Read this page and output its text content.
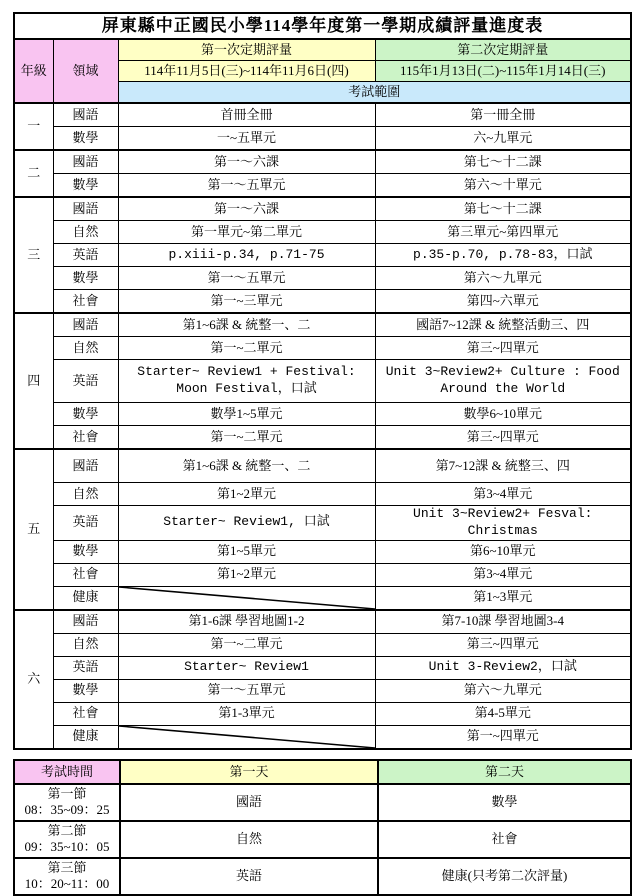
屏東縣中正國民小學114學年度第一學期成績評量進度表			
年級	領域	第一次定期評量	第二次定期評量
		114年11月5日(三)~114年11月6日(四)	115年1月13日(二)~115年1月14日(三)
		考試範圍	
一	國語	首冊全冊	第一冊全冊
	數學	一~五單元	六~九單元
二	國語	第一～六課	第七～十二課
	數學	第一～五單元	第六～十單元
三	國語	第一～六課	第七～十二課
	自然	第一單元~第二單元	第三單元~第四單元
	英語	p.xiii-p.34, p.71-75	p.35-p.70, p.78-83，口試
	數學	第一～五單元	第六～九單元
	社會	第一~三單元	第四~六單元
四	國語	第1~6課 & 統整一、二	國語7~12課 & 統整活動三、四
	自然	第一~二單元	第三~四單元
	英語	Starter~ Review1 + Festival: Moon Festival，口試	Unit 3~Review2+ Culture : Food Around the World
	數學	數學1~5單元	數學6~10單元
	社會	第一~二單元	第三~四單元
五	國語	第1~6課 & 統整一、二	第7~12課 & 統整三、四
	自然	第1~2單元	第3~4單元
	英語	Starter~ Review1, 口試	Unit 3~Review2+ Fesval: Christmas
	數學	第1~5單元	第6~10單元
	社會	第1~2單元	第3~4單元
	健康		第1~3單元
六	國語	第1-6課 學習地圖1-2	第7-10課 學習地圖3-4
	自然	第一~二單元	第三~四單元
	英語	Starter~ Review1	Unit 3-Review2，口試
	數學	第一～五單元	第六～九單元
	社會	第1-3單元	第4-5單元
	健康		第一~四單元
考試時間	第一天	第二天

第一節
08：35~09：25	國語	數學

第二節
09：35~10：05	自然	社會

第三節
10：20~11：00	英語	健康(只考第二次評量)
